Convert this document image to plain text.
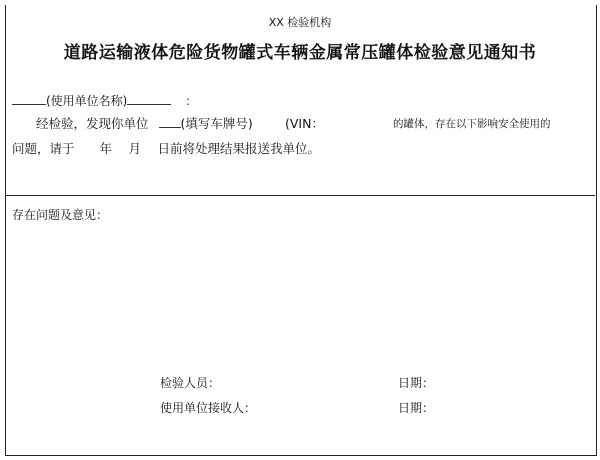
XX 检验机构
道路运输液体危险货物罐式车辆金属常压罐体检验意见通知书
(使用单位名称)	：
经检验，发现你单位	(填写车牌号)	(VIN：	的罐体，存在以下影响安全使用的
问题，请于　　年　 月　 日前将处理结果报送我单位。
存在问题及意见：
检验人员：	日期：
使用单位接收人：	日期：
